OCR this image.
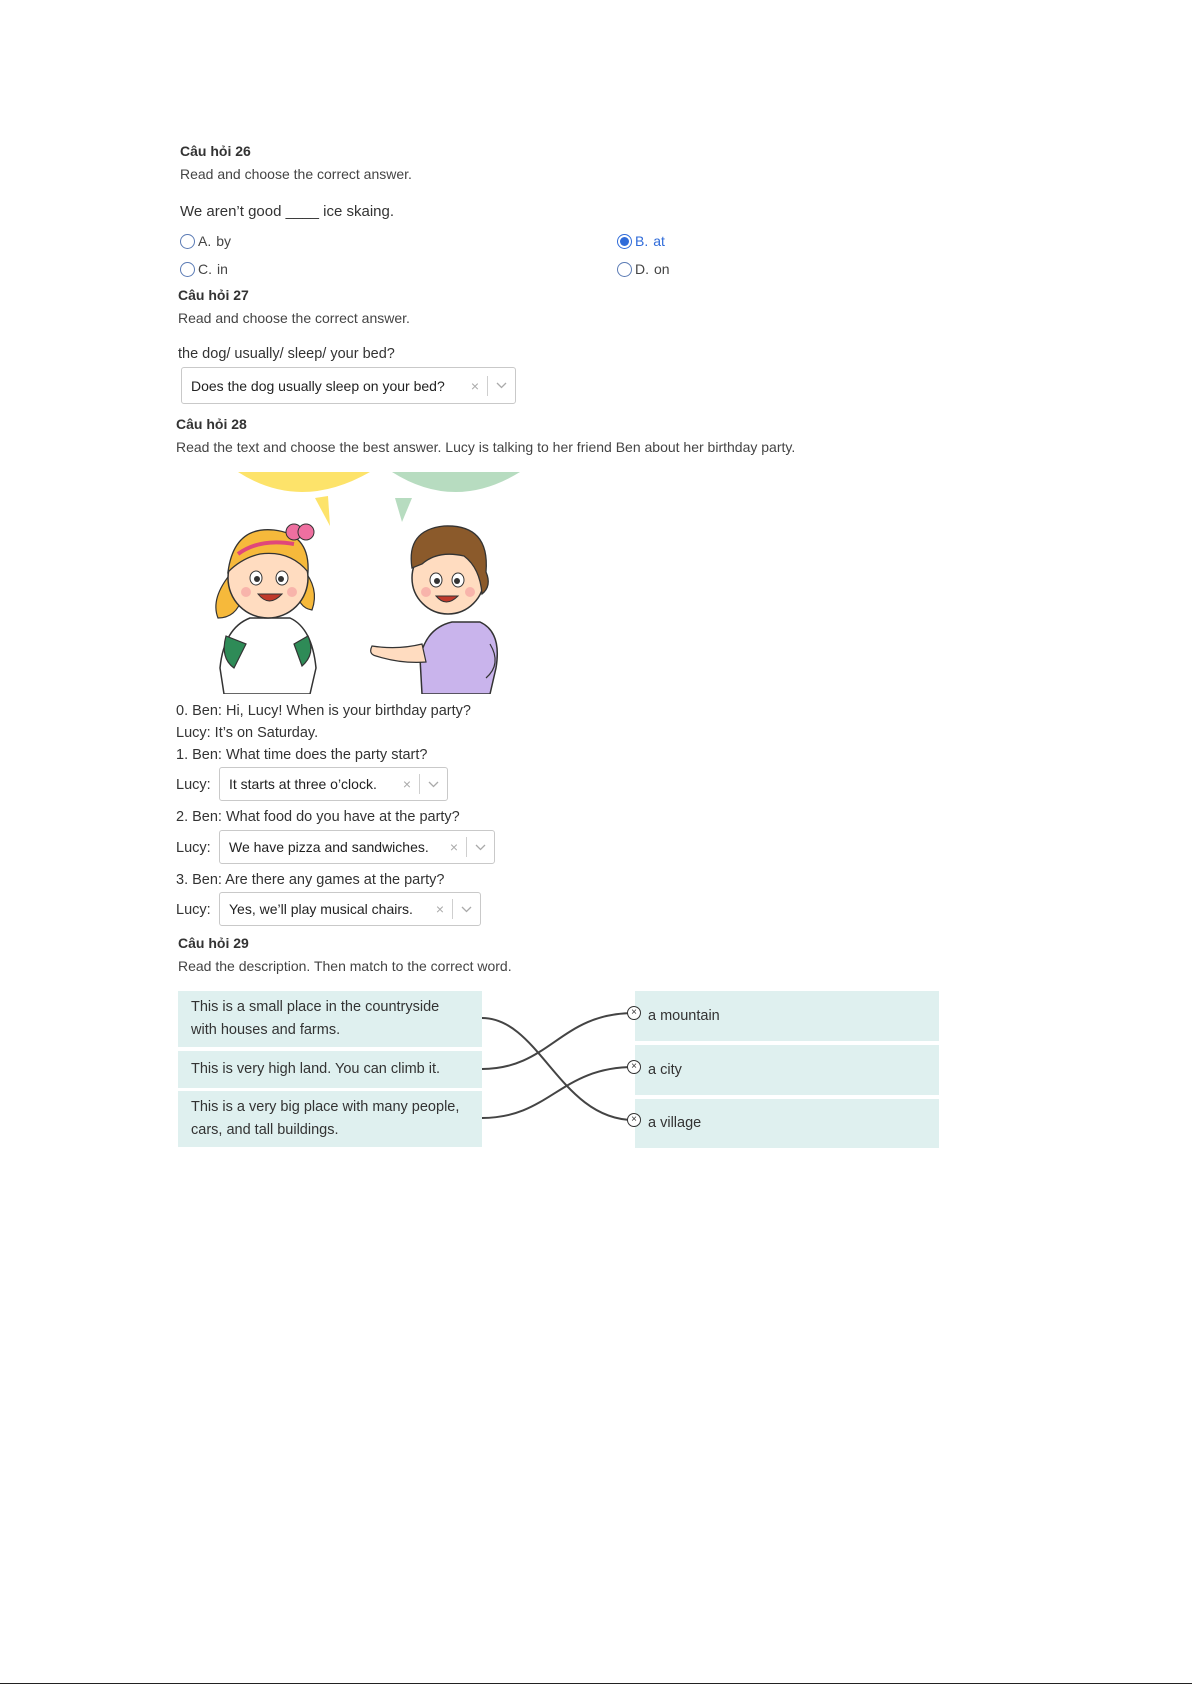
Câu hỏi 26
Read and choose the correct answer.
We aren’t good ____ ice skaing.
A. by	B. at
C. in	D. on
Câu hỏi 27
Read and choose the correct answer.
the dog/ usually/ sleep/ your bed?
Does the dog usually sleep on your bed?	×
Câu hỏi 28
Read the text and choose the best answer. Lucy is talking to her friend Ben about her birthday party.
0. Ben: Hi, Lucy! When is your birthday party?
Lucy: It’s on Saturday.
1. Ben: What time does the party start?
Lucy:	It starts at three o’clock.	×
2. Ben: What food do you have at the party?
Lucy:	We have pizza and sandwiches.	×
3. Ben: Are there any games at the party?
Lucy:	Yes, we’ll play musical chairs.	×
Câu hỏi 29
Read the description. Then match to the correct word.
This is a small place in the countryside
with houses and farms.
This is very high land. You can climb it.
This is a very big place with many people,
cars, and tall buildings.
a mountain
a city
a village
×
×
×
